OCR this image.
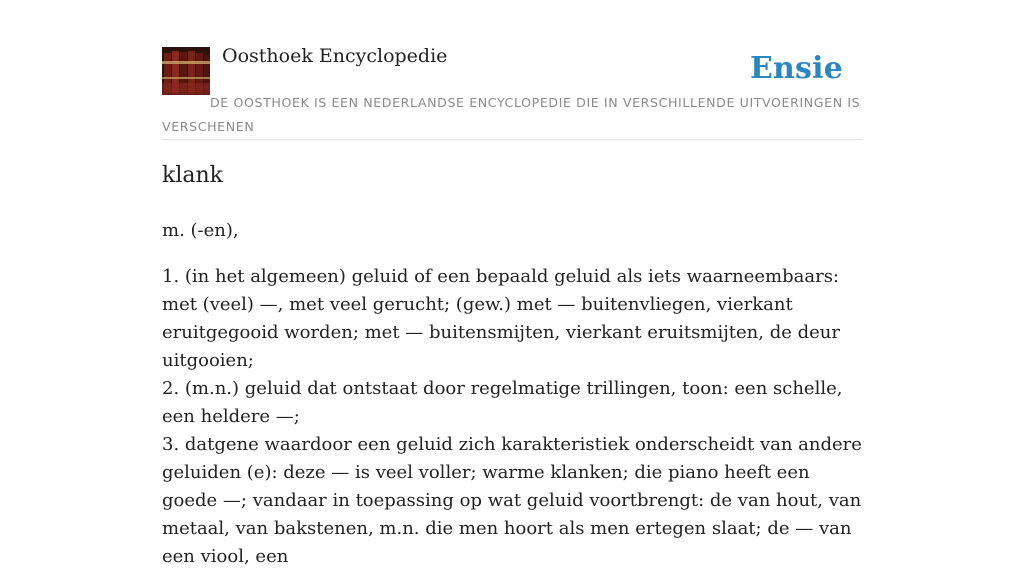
Oosthoek Encyclopedie	Ensie
DE OOSTHOEK IS EEN NEDERLANDSE ENCYCLOPEDIE DIE IN VERSCHILLENDE UITVOERINGEN IS VERSCHENEN
klank

m. (-en),

1. (in het algemeen) geluid of een bepaald geluid als iets waarneembaars: met (veel) —, met veel gerucht; (gew.) met — buitenvliegen, vierkant eruitgegooid worden; met — buitensmijten, vierkant eruitsmijten, de deur uitgooien;
2. (m.n.) geluid dat ontstaat door regelmatige trillingen, toon: een schelle, een heldere —;
3. datgene waardoor een geluid zich karakteristiek onderscheidt van andere geluiden (e): deze — is veel voller; warme klanken; die piano heeft een goede —; vandaar in toepassing op wat geluid voortbrengt: de van hout, van metaal, van bakstenen, m.n. die men hoort als men ertegen slaat; de — van een viool, een
